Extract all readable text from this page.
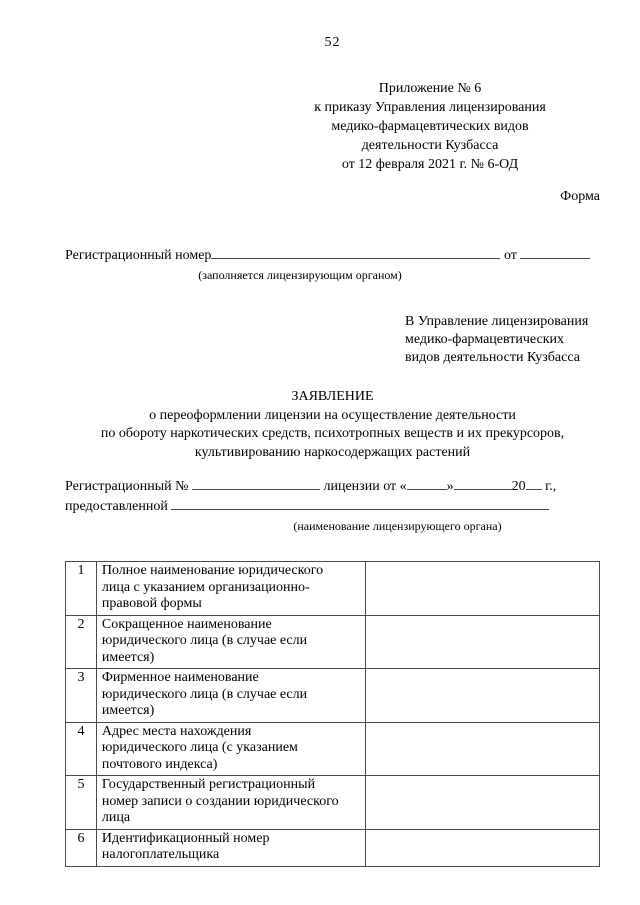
52
Приложение № 6
к приказу Управления лицензирования
медико-фармацевтических видов
деятельности Кузбасса
от 12 февраля 2021 г. № 6-ОД
Форма
Регистрационный номер	от
(заполняется лицензирующим органом)
В Управление лицензирования
медико-фармацевтических
видов деятельности Кузбасса
ЗАЯВЛЕНИЕ
о переоформлении лицензии на осуществление деятельности
по обороту наркотических средств, психотропных веществ и их прекурсоров,
культивированию наркосодержащих растений
Регистрационный №	лицензии от «	»	20 г.,
предоставленной
(наименование лицензирующего органа)
1	Полное наименование юридического
лица с указанием организационно-
правовой формы	

2	Сокращенное наименование
юридического лица (в случае если
имеется)	

3	Фирменное наименование
юридического лица (в случае если
имеется)	

4	Адрес места нахождения
юридического лица (с указанием
почтового индекса)	

5	Государственный регистрационный
номер записи о создании юридического
лица	

6	Идентификационный номер
налогоплательщика	
